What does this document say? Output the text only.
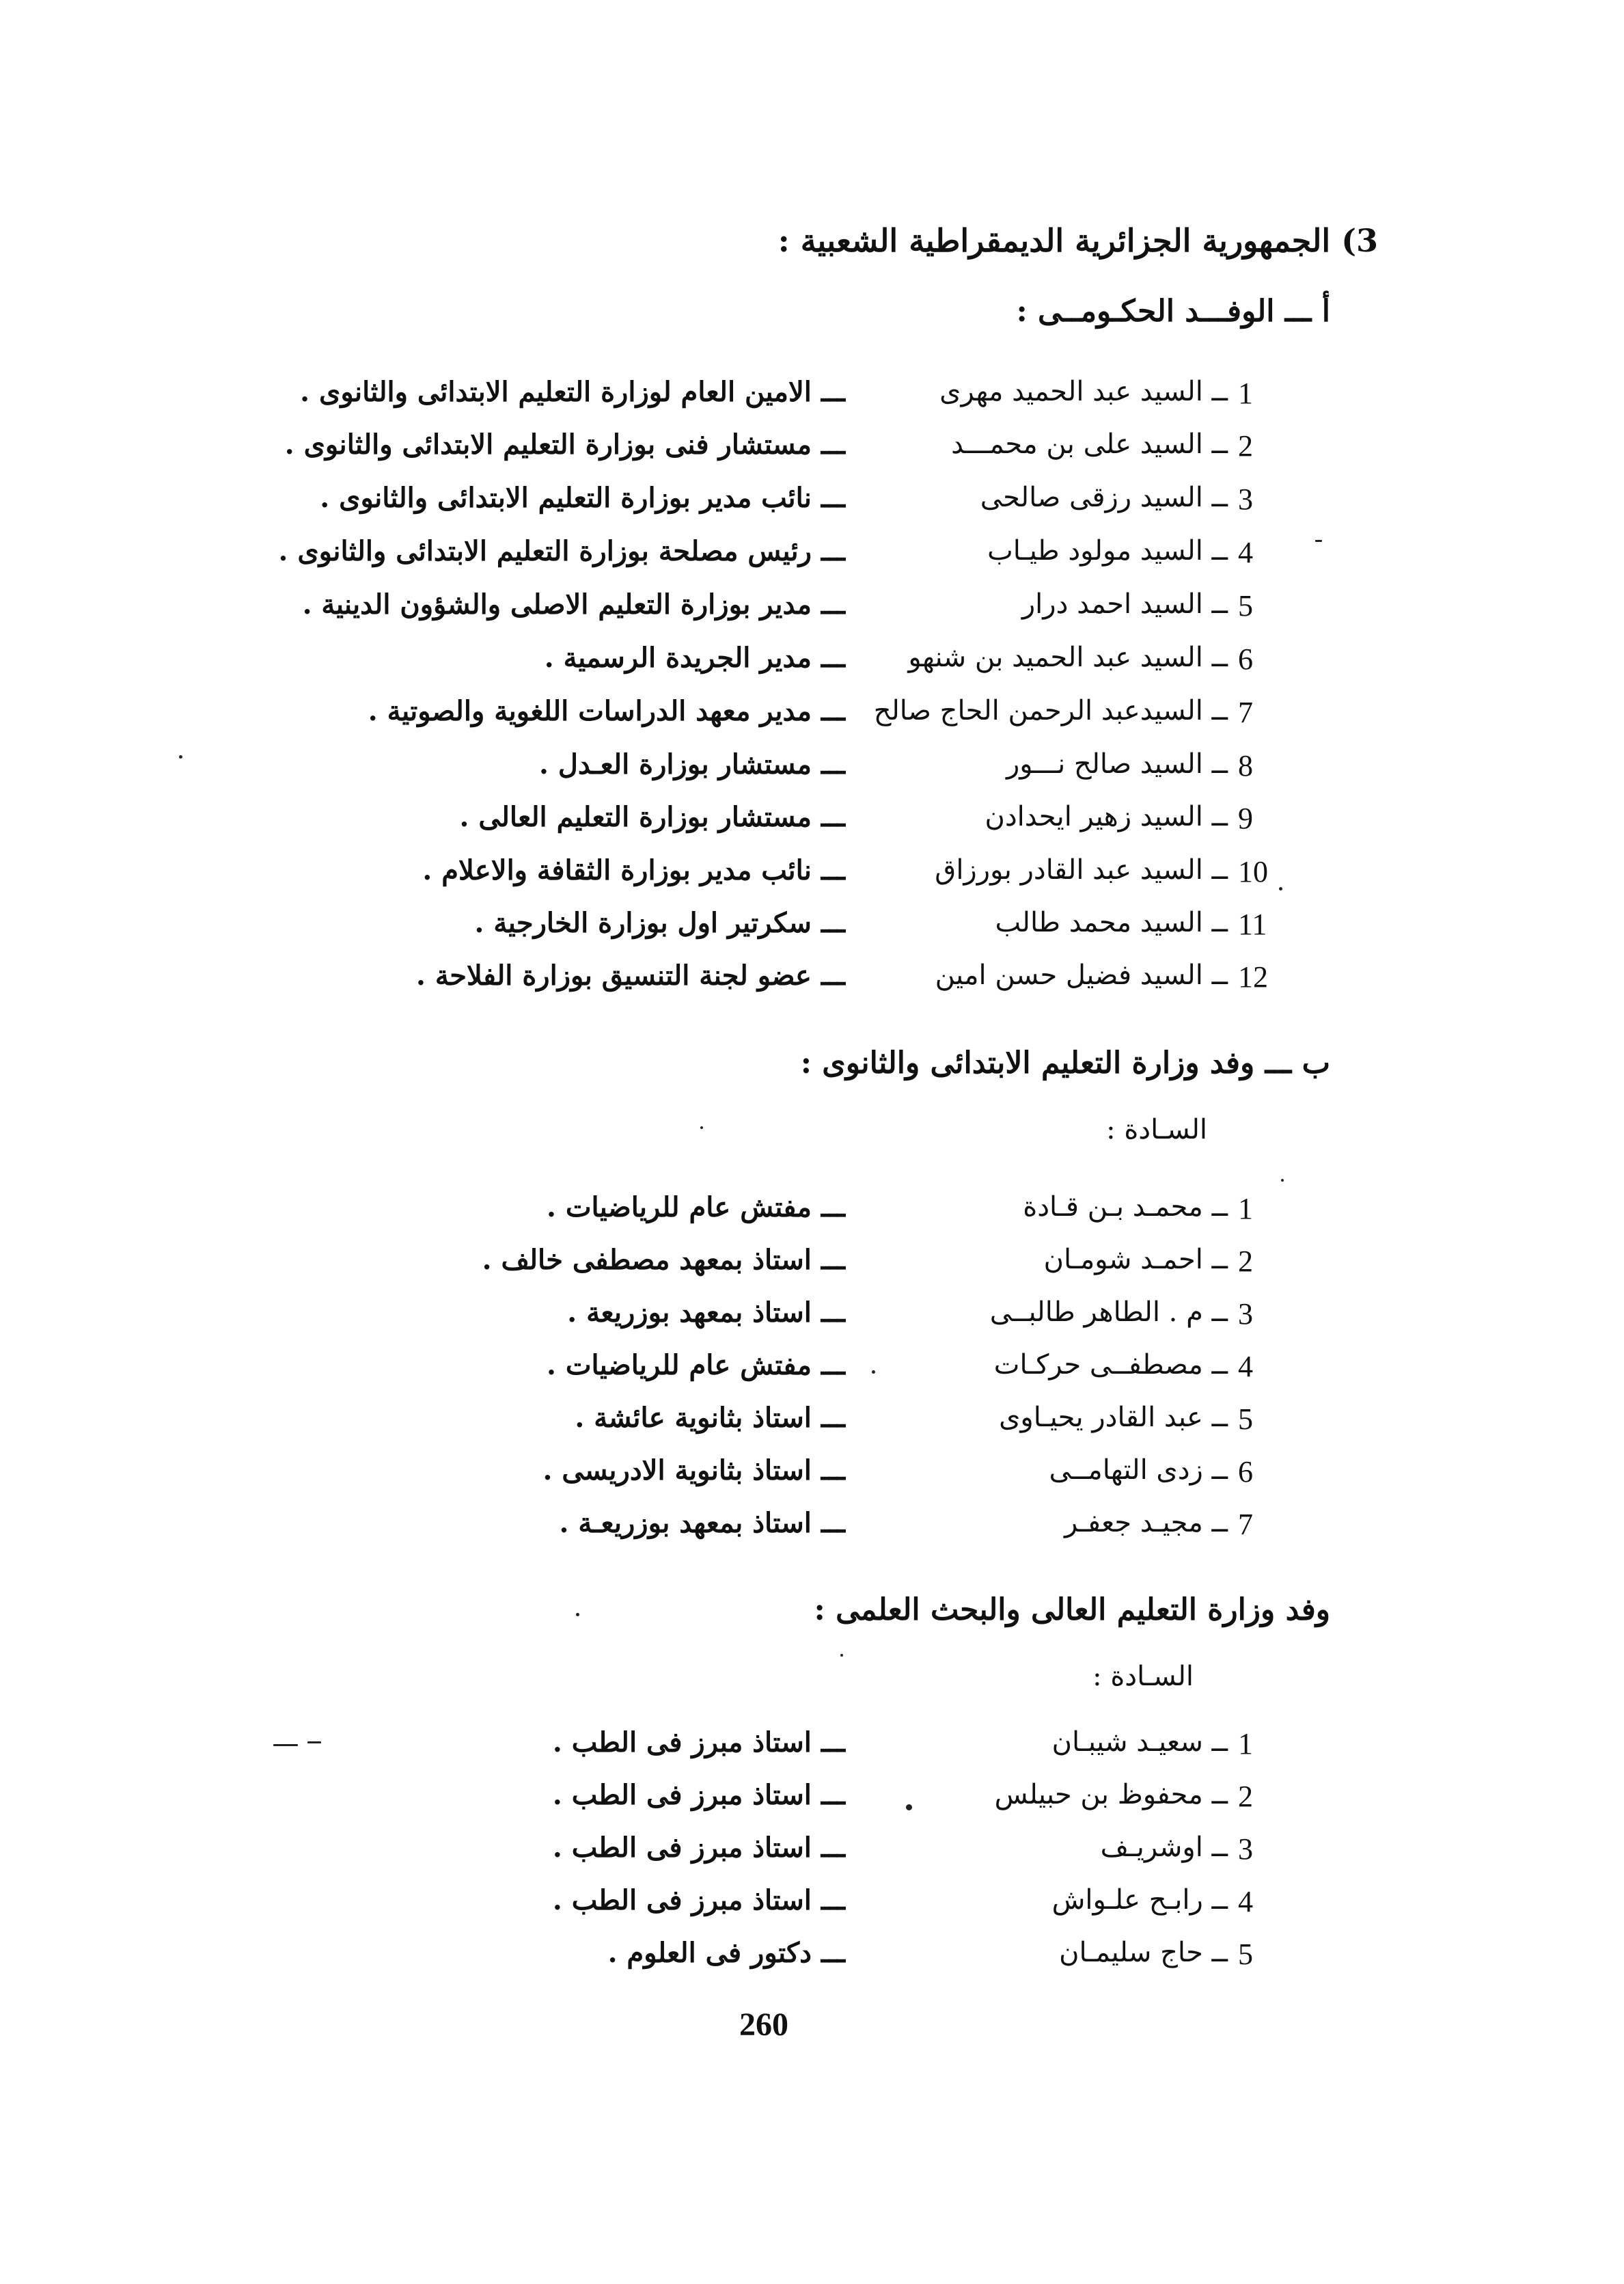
3) الجمهورية الجزائرية الديمقراطية الشعبية :
أ ـــ الوفـــد الحكـومــى :
1
ــ السيد عبد الحميد مهرى
ـــ الامين العام لوزارة التعليم الابتدائى والثانوى .
2
ــ السيد على بن محمـــد
ـــ مستشار فنى بوزارة التعليم الابتدائى والثانوى .
3
ــ السيد رزقى صالحى
ـــ نائب مدير بوزارة التعليم الابتدائى والثانوى .
4
ــ السيد مولود طيـاب
ـــ رئيس مصلحة بوزارة التعليم الابتدائى والثانوى .
5
ــ السيد احمد درار
ـــ مدير بوزارة التعليم الاصلى والشؤون الدينية .
6
ــ السيد عبد الحميد بن شنهو
ـــ مدير الجريدة الرسمية .
7
ــ السيدعبد الرحمن الحاج صالح
ـــ مدير معهد الدراسات اللغوية والصوتية .
8
ــ السيد صالح نـــور
ـــ مستشار بوزارة العـدل .
9
ــ السيد زهير ايحدادن
ـــ مستشار بوزارة التعليم العالى .
10
ــ السيد عبد القادر بورزاق
ـــ نائب مدير بوزارة الثقافة والاعلام .
11
ــ السيد محمد طالب
ـــ سكرتير اول بوزارة الخارجية .
12
ــ السيد فضيل حسن امين
ـــ عضو لجنة التنسيق بوزارة الفلاحة .
ب ـــ وفد وزارة التعليم الابتدائى والثانوى :
السـادة :
1
ــ محمـد بـن قـادة
ـــ مفتش عام للرياضيات .
2
ــ احمـد شومـان
ـــ استاذ بمعهد مصطفى خالف .
3
ــ م . الطاهر طالبــى
ـــ استاذ بمعهد بوزريعة .
4
ــ مصطفــى حركـات
ـــ مفتش عام للرياضيات .
5
ــ عبد القادر يحيـاوى
ـــ استاذ بثانوية عائشة .
6
ــ زدى التهامــى
ـــ استاذ بثانوية الادريسى .
7
ــ مجيـد جعفـر
ـــ استاذ بمعهد بوزريعـة .
وفد وزارة التعليم العالى والبحث العلمى :
السـادة :
1
ــ سعيـد شيبـان
ـــ استاذ مبرز فى الطب .
2
ــ محفوظ بن حبيلس
ـــ استاذ مبرز فى الطب .
3
ــ اوشريـف
ـــ استاذ مبرز فى الطب .
4
ــ رابـح علـواش
ـــ استاذ مبرز فى الطب .
5
ــ حاج سليمـان
ـــ دكتور فى العلوم .
260
